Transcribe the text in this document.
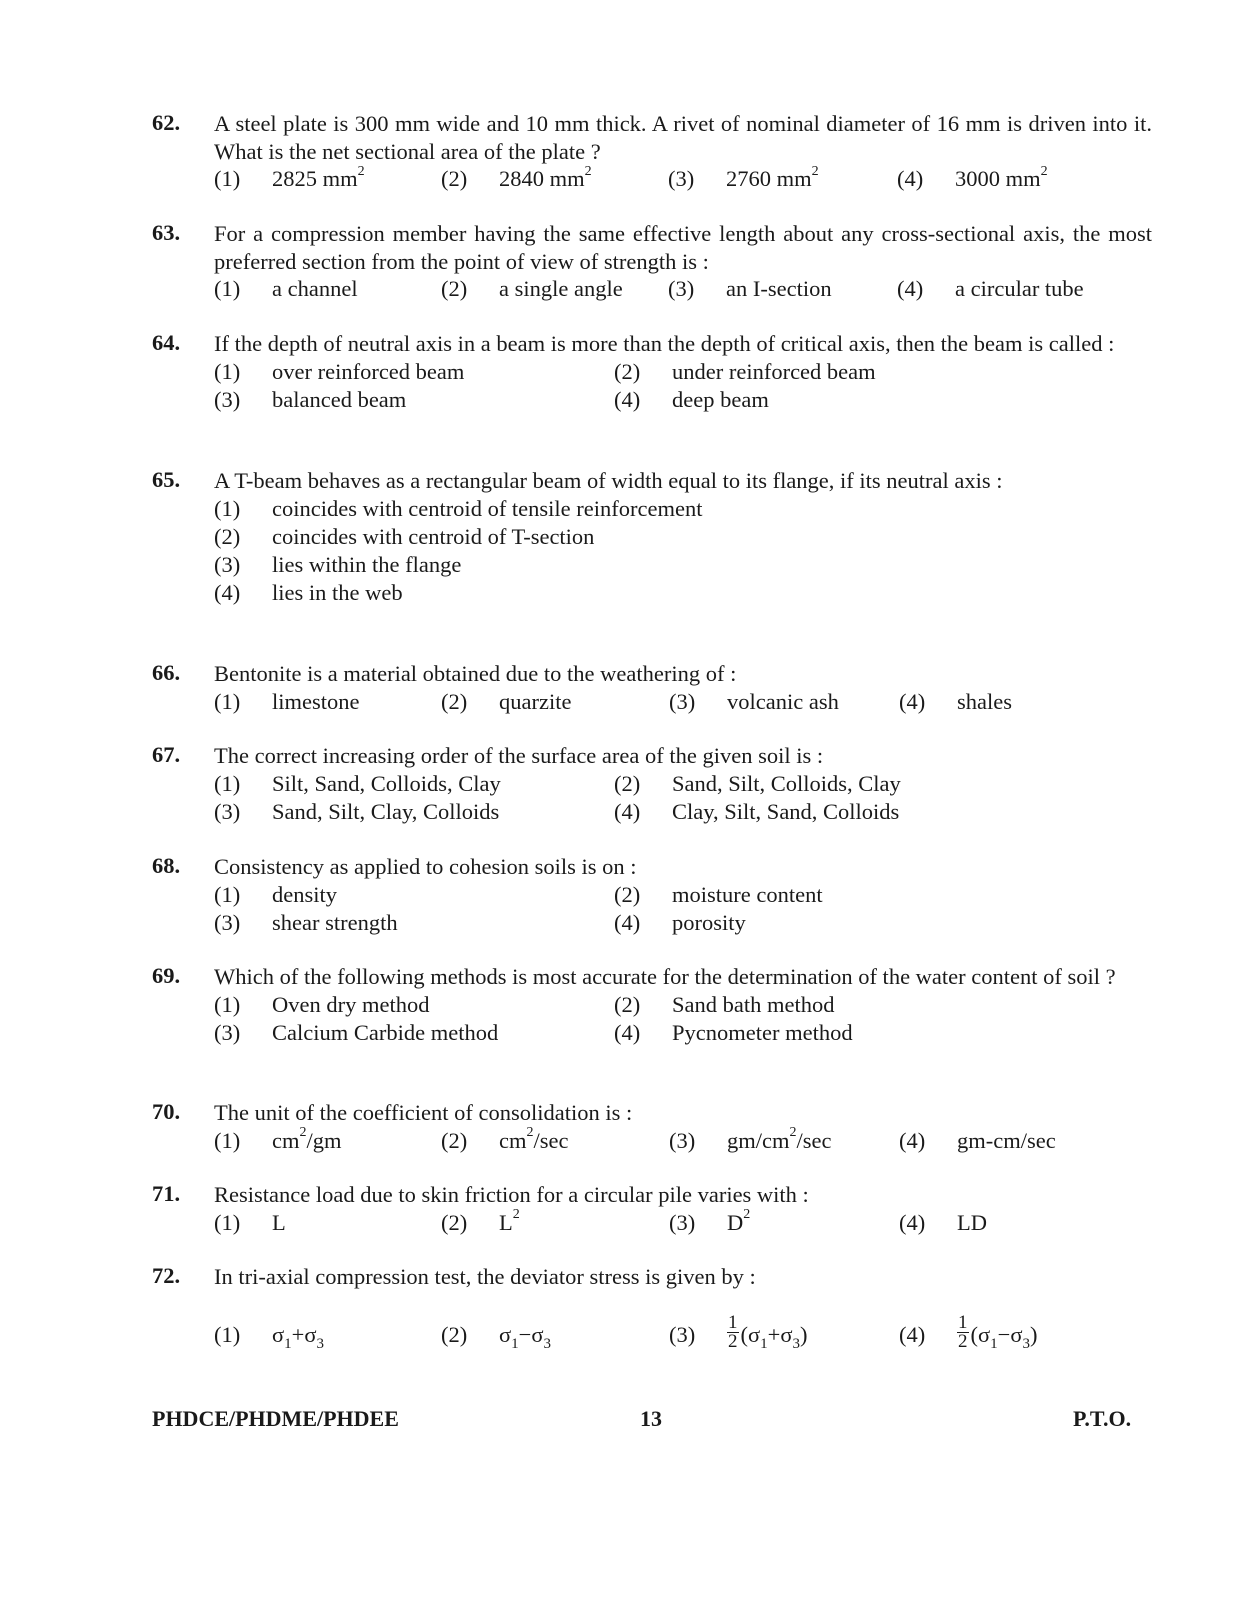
62.	A steel plate is 300 mm wide and 10 mm thick. A rivet of nominal diameter of 16 mm is driven into it. What is the net sectional area of the plate ?
(1) 2825 $mm^2$	(2) 2840 $mm^2$	(3) 2760 $mm^2$	(4) 3000 $mm^2$
63.	For a compression member having the same effective length about any cross-sectional axis, the most preferred section from the point of view of strength is :
(1) a channel	(2) a single angle (3) an I-section	(4) a circular tube
64.	If the depth of neutral axis in a beam is more than the depth of critical axis, then the beam is called :
(1) over reinforced beam	(2) under reinforced beam
(3) balanced beam	(4) deep beam
65.	A T-beam behaves as a rectangular beam of width equal to its flange, if its neutral axis :
(1) coincides with centroid of tensile reinforcement
(2) coincides with centroid of T-section
(3) lies within the flange
(4) lies in the web
66.	Bentonite is a material obtained due to the weathering of :
(1) limestone	(2) quarzite	(3) volcanic ash	(4) shales
67.	The correct increasing order of the surface area of the given soil is :
(1) Silt, Sand, Colloids, Clay	(2) Sand, Silt, Colloids, Clay
(3) Sand, Silt, Clay, Colloids	(4) Clay, Silt, Sand, Colloids
68.	Consistency as applied to cohesion soils is on :
(1) density	(2) moisture content
(3) shear strength	(4) porosity
69.	Which of the following methods is most accurate for the determination of the water content of soil ?
(1) Oven dry method	(2) Sand bath method
(3) Calcium Carbide method	(4) Pycnometer method
70.	The unit of the coefficient of consolidation is :
(1) $cm^2/gm$	(2) $cm^2/\sec$	(3) $gm/cm^2/\sec$	(4) gm-cm/sec
71.	Resistance load due to skin friction for a circular pile varies with :
(1) L	(2) $L^2$	(3) $D^2$	(4) LD
72.	In tri-axial compression test, the deviator stress is given by :
(1) $\sigma_1+\sigma_3$	(2) $\sigma_1-\sigma_3$	$(3) \frac{1}{2} (\sigma_1+\sigma_3)$	$(4) \frac{1}{2} (\sigma_1-\sigma_3)$
PHDCE/PHDME/PHDEE	13	P.T.O.
